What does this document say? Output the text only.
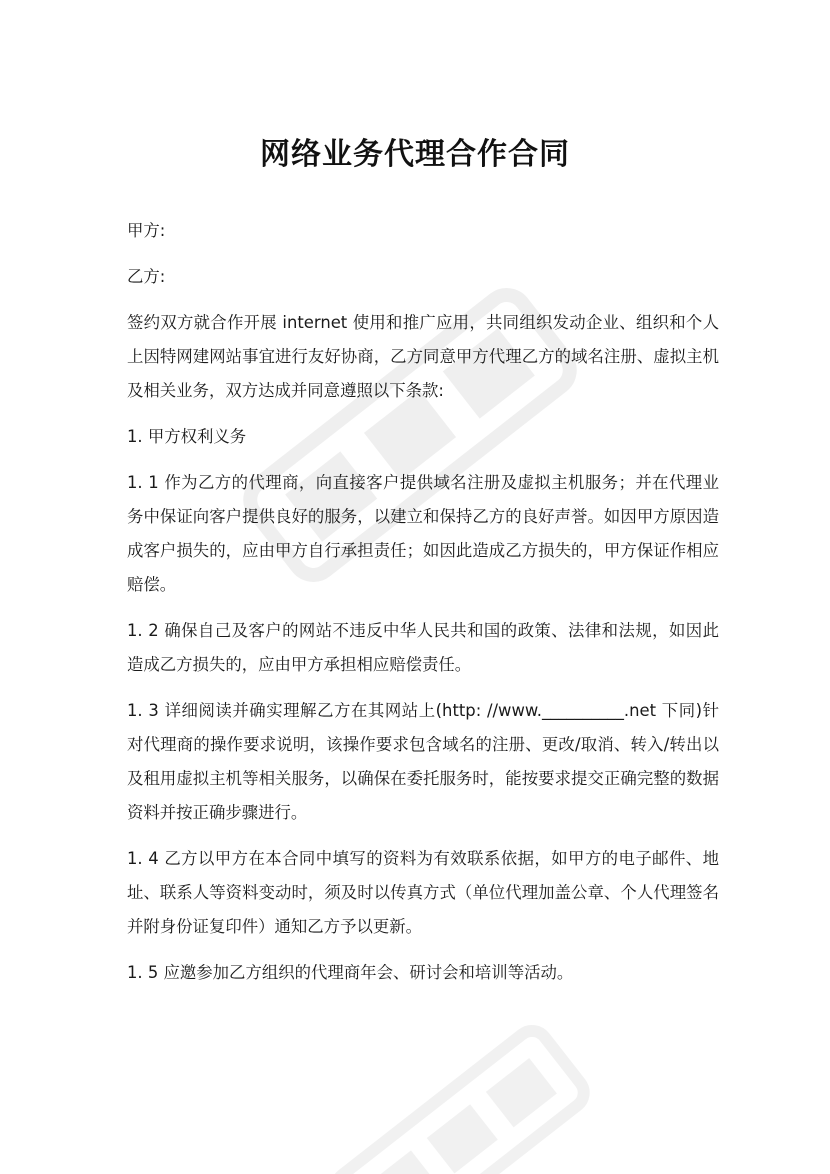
网络业务代理合作合同

甲方:

乙方:

签约双方就合作开展 internet 使用和推广应用，共同组织发动企业、组织和个人上因特网建网站事宜进行友好协商，乙方同意甲方代理乙方的域名注册、虚拟主机及相关业务，双方达成并同意遵照以下条款:

1. 甲方权利义务

1. 1 作为乙方的代理商，向直接客户提供域名注册及虚拟主机服务；并在代理业务中保证向客户提供良好的服务，以建立和保持乙方的良好声誉。如因甲方原因造成客户损失的，应由甲方自行承担责任；如因此造成乙方损失的，甲方保证作相应赔偿。

1. 2 确保自己及客户的网站不违反中华人民共和国的政策、法律和法规，如因此造成乙方损失的，应由甲方承担相应赔偿责任。

1. 3 详细阅读并确实理解乙方在其网站上(http: //www.__________.net 下同)针对代理商的操作要求说明，该操作要求包含域名的注册、更改/取消、转入/转出以及租用虚拟主机等相关服务，以确保在委托服务时，能按要求提交正确完整的数据资料并按正确步骤进行。

1. 4 乙方以甲方在本合同中填写的资料为有效联系依据，如甲方的电子邮件、地址、联系人等资料变动时，须及时以传真方式（单位代理加盖公章、个人代理签名并附身份证复印件）通知乙方予以更新。

1. 5 应邀参加乙方组织的代理商年会、研讨会和培训等活动。
